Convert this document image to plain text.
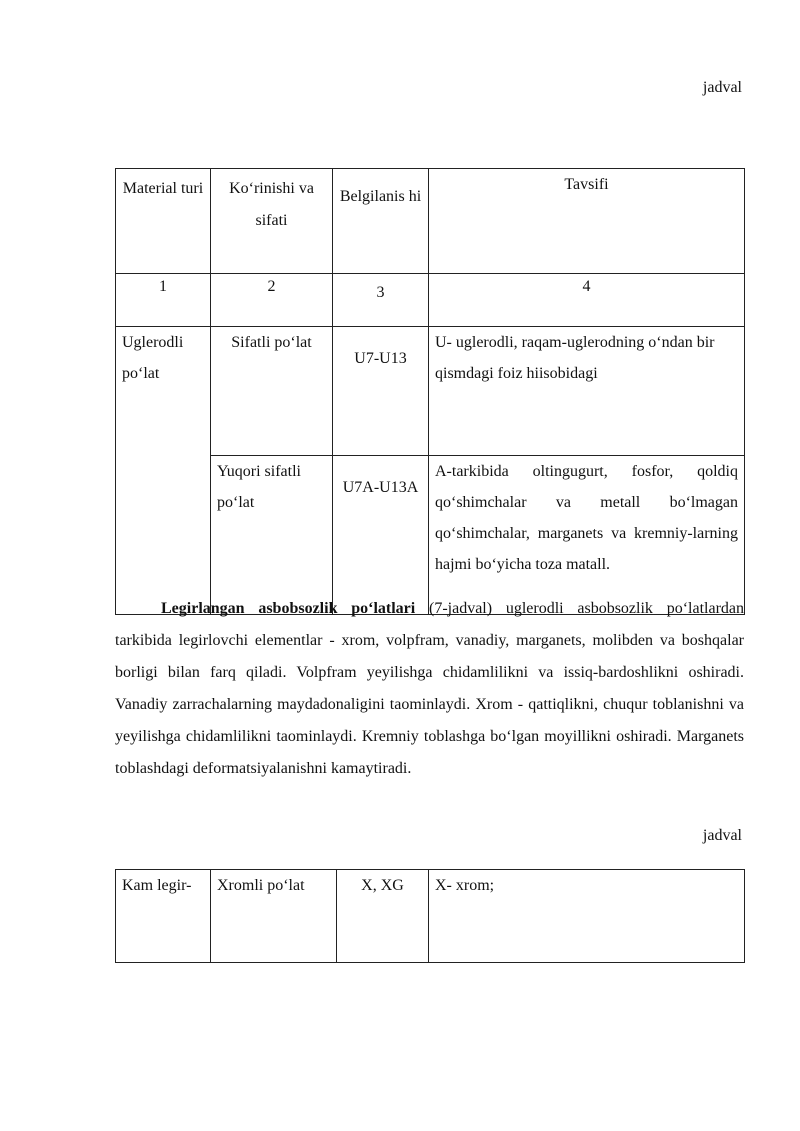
jadval
Material turi	Ko‘rinishi va sifati	Belgilanis hi	Tavsifi
1	2	3	4
Uglerodli po‘lat	Sifatli po‘lat	U7-U13	U- uglerodli, raqam-uglerodning o‘ndan bir qismdagi foiz hiisobidagi
	Yuqori sifatli po‘lat	U7A-U13A	A-tarkibida oltingugurt, fosfor, qoldiq qo‘shimchalar va metall bo‘lmagan qo‘shimchalar, marganets va kremniy-larning hajmi bo‘yicha toza matall.

Legirlangan asbobsozlik po‘latlari (7-jadval) uglerodli asbobsozlik po‘latlardan tarkibida legirlovchi elementlar - xrom, volpfram, vanadiy, marganets, molibden va boshqalar borligi bilan farq qiladi. Volpfram yeyilishga chidamlilikni va issiq-bardoshlikni oshiradi. Vanadiy zarrachalarning maydadonaligini taominlaydi. Xrom - qattiqlikni, chuqur toblanishni va yeyilishga chidamlilikni taominlaydi. Kremniy toblashga bo‘lgan moyillikni oshiradi. Marganets toblashdagi deformatsiyalanishni kamaytiradi.

jadval
Kam legir-	Xromli po‘lat	X, XG	X- xrom;
